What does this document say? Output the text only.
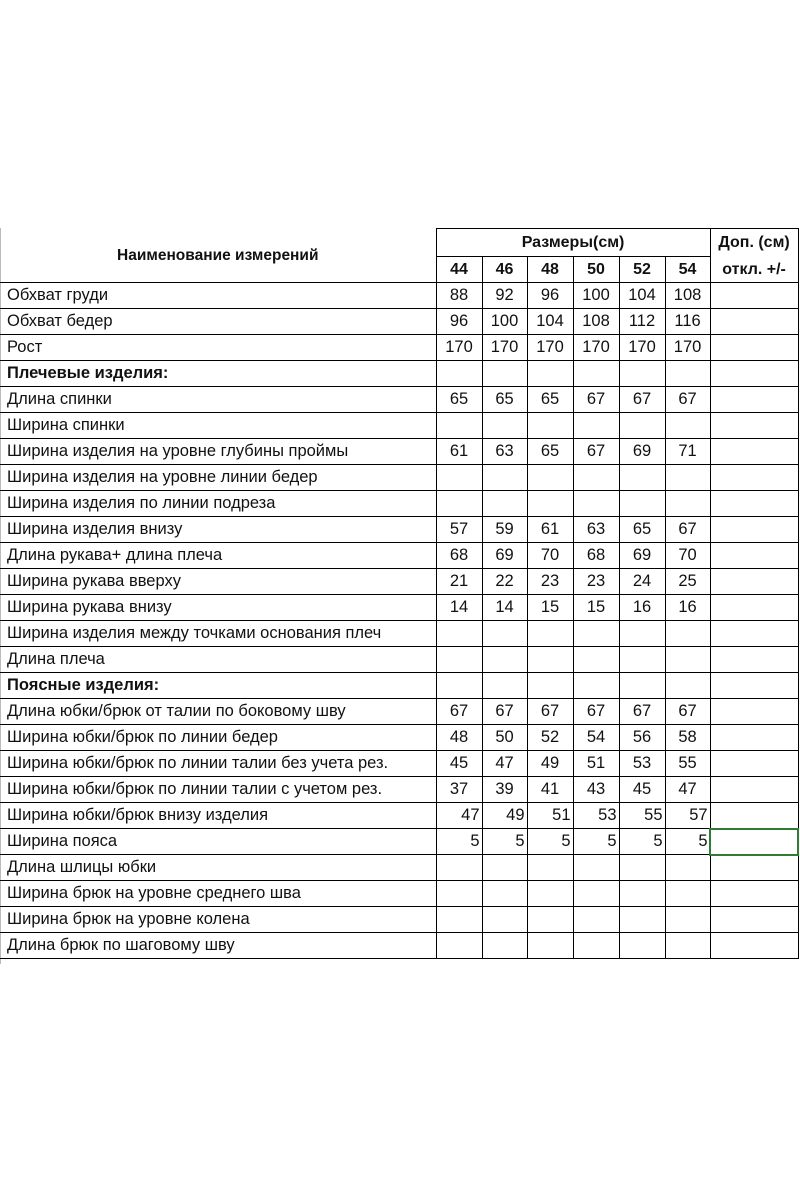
Наименование измерений	Размеры(см)						Доп. (см)
	44	46	48	50	52	54	откл. +/-
Обхват груди	88	92	96	100	104	108	
Обхват бедер	96	100	104	108	112	116	
Рост	170	170	170	170	170	170	
Плечевые изделия:							
Длина спинки	65	65	65	67	67	67	
Ширина спинки							
Ширина изделия на уровне глубины проймы	61	63	65	67	69	71	
Ширина изделия на уровне линии бедер							
Ширина изделия по линии подреза							
Ширина изделия внизу	57	59	61	63	65	67	
Длина рукава+ длина плеча	68	69	70	68	69	70	
Ширина рукава вверху	21	22	23	23	24	25	
Ширина рукава внизу	14	14	15	15	16	16	
Ширина изделия между точками основания плеч							
Длина плеча							
Поясные изделия:							
Длина юбки/брюк от талии по боковому шву	67	67	67	67	67	67	
Ширина юбки/брюк по линии бедер	48	50	52	54	56	58	
Ширина юбки/брюк по линии талии без учета рез.	45	47	49	51	53	55	
Ширина юбки/брюк по линии талии с учетом рез.	37	39	41	43	45	47	
Ширина юбки/брюк внизу изделия	47	49	51	53	55	57	
Ширина пояса	5	5	5	5	5	5	
Длина шлицы юбки							
Ширина брюк на уровне среднего шва							
Ширина брюк на уровне колена							
Длина брюк по шаговому шву							
